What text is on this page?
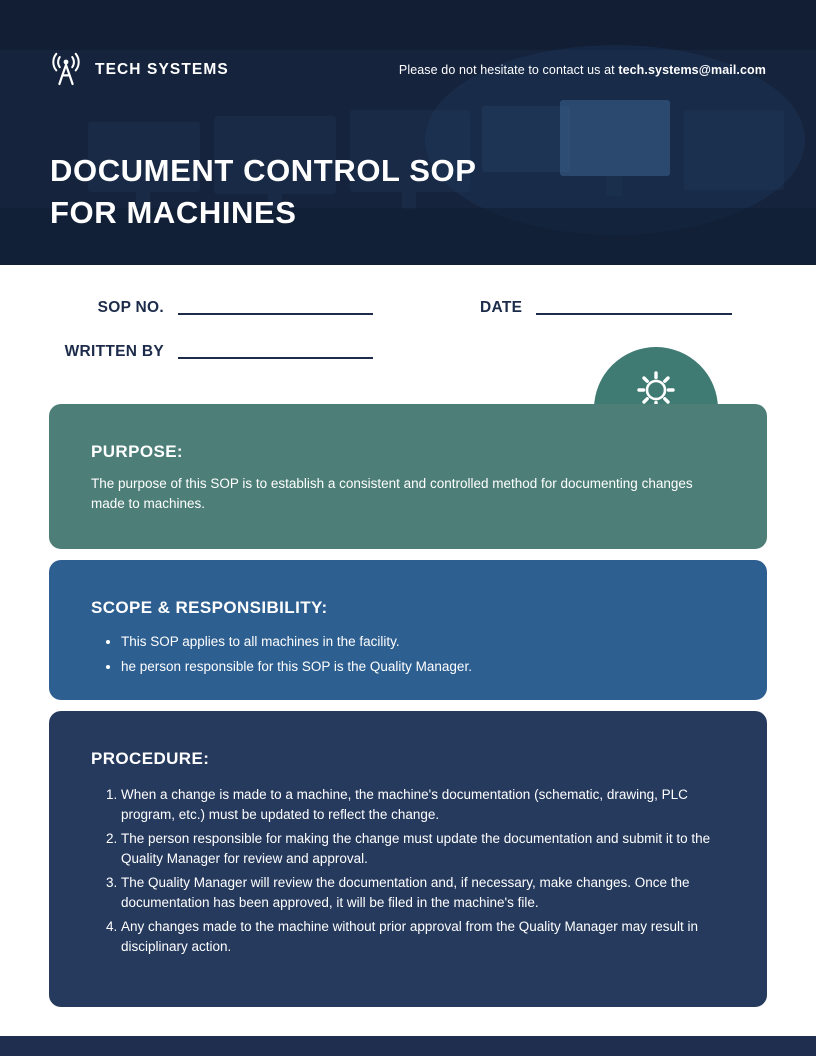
TECH SYSTEMS	Please do not hesitate to contact us at tech.systems@mail.com
DOCUMENT CONTROL SOP
FOR MACHINES
SOP NO.	DATE
WRITTEN BY
PURPOSE:

The purpose of this SOP is to establish a consistent and controlled method for documenting changes made to machines.

SCOPE & RESPONSIBILITY:
• This SOP applies to all machines in the facility.
• he person responsible for this SOP is the Quality Manager.
PROCEDURE:
1. When a change is made to a machine, the machine's documentation (schematic, drawing, PLC program, etc.) must be updated to reflect the change.
2. The person responsible for making the change must update the documentation and submit it to the Quality Manager for review and approval.
3. The Quality Manager will review the documentation and, if necessary, make changes. Once the documentation has been approved, it will be filed in the machine's file.
4. Any changes made to the machine without prior approval from the Quality Manager may result in disciplinary action.
